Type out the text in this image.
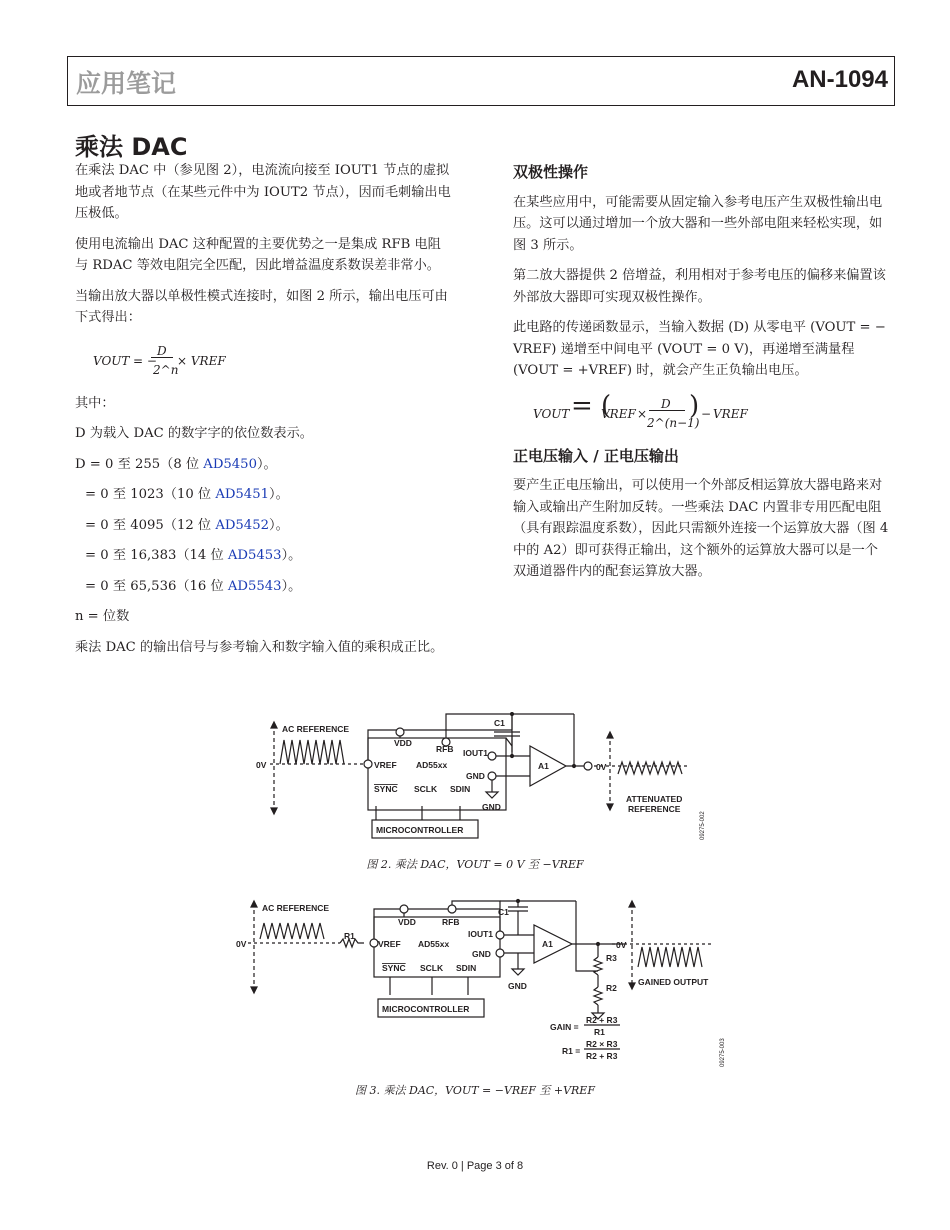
应用笔记	AN-1094
乘法 DAC

在乘法 DAC 中（参见图 2），电流流向接至 IOUT1 节点的虚拟地或者地节点（在某些元件中为 IOUT2 节点），因而毛刺输出电压极低。

使用电流输出 DAC 这种配置的主要优势之一是集成 RFB 电阻与 RDAC 等效电阻完全匹配，因此增益温度系数误差非常小。

当输出放大器以单极性模式连接时，如图 2 所示，输出电压可由下式得出：

VOUT = −
D
2^n
× VREF

其中：

D 为载入 DAC 的数字字的依位数表示。

D = 0 至 255（8 位 AD5450）。

= 0 至 1023（10 位 AD5451）。

= 0 至 4095（12 位 AD5452）。

= 0 至 16,383（14 位 AD5453）。

= 0 至 65,536（16 位 AD5543）。

n = 位数

乘法 DAC 的输出信号与参考输入和数字输入值的乘积成正比。

双极性操作

在某些应用中，可能需要从固定输入参考电压产生双极性输出电压。这可以通过增加一个放大器和一些外部电阻来轻松实现，如图 3 所示。

第二放大器提供 2 倍增益，利用相对于参考电压的偏移来偏置该外部放大器即可实现双极性操作。

此电路的传递函数显示，当输入数据 (D) 从零电平 (VOUT = − VREF) 递增至中间电平 (VOUT = 0 V)，再递增至满量程 (VOUT = +VREF) 时，就会产生正负输出电压。

VOUT = (
VREF ×
D
2^(n−1)
) − VREF
正电压输入 / 正电压输出

要产生正电压输出，可以使用一个外部反相运算放大器电路来对输入或输出产生附加反转。一些乘法 DAC 内置非专用匹配电阻（具有跟踪温度系数），因此只需额外连接一个运算放大器（图 4 中的 A2）即可获得正输出，这个额外的运算放大器可以是一个双通道器件内的配套运算放大器。

AC REFERENCE
0V
VDD
RFB
C1
IOUT1
VREF AD55xx
GND
A1
SYNC SCLK SDIN
GND
MICROCONTROLLER
0V
ATTENUATED
REFERENCE
09275-002
图 2. 乘法 DAC，VOUT = 0 V 至 −VREF
AC REFERENCE
0V
R1
VDD	RFB
C1
IOUT1
VREF AD55xx
GND
A1
SYNC SCLK SDIN
GND
R3
R2
MICROCONTROLLER
0V
GAINED OUTPUT
GAIN =
R2 + R3
R1
R1 =
R2 × R3
R2 + R3	09275-003
图 3. 乘法 DAC，VOUT = −VREF 至 +VREF
Rev. 0 | Page 3 of 8
